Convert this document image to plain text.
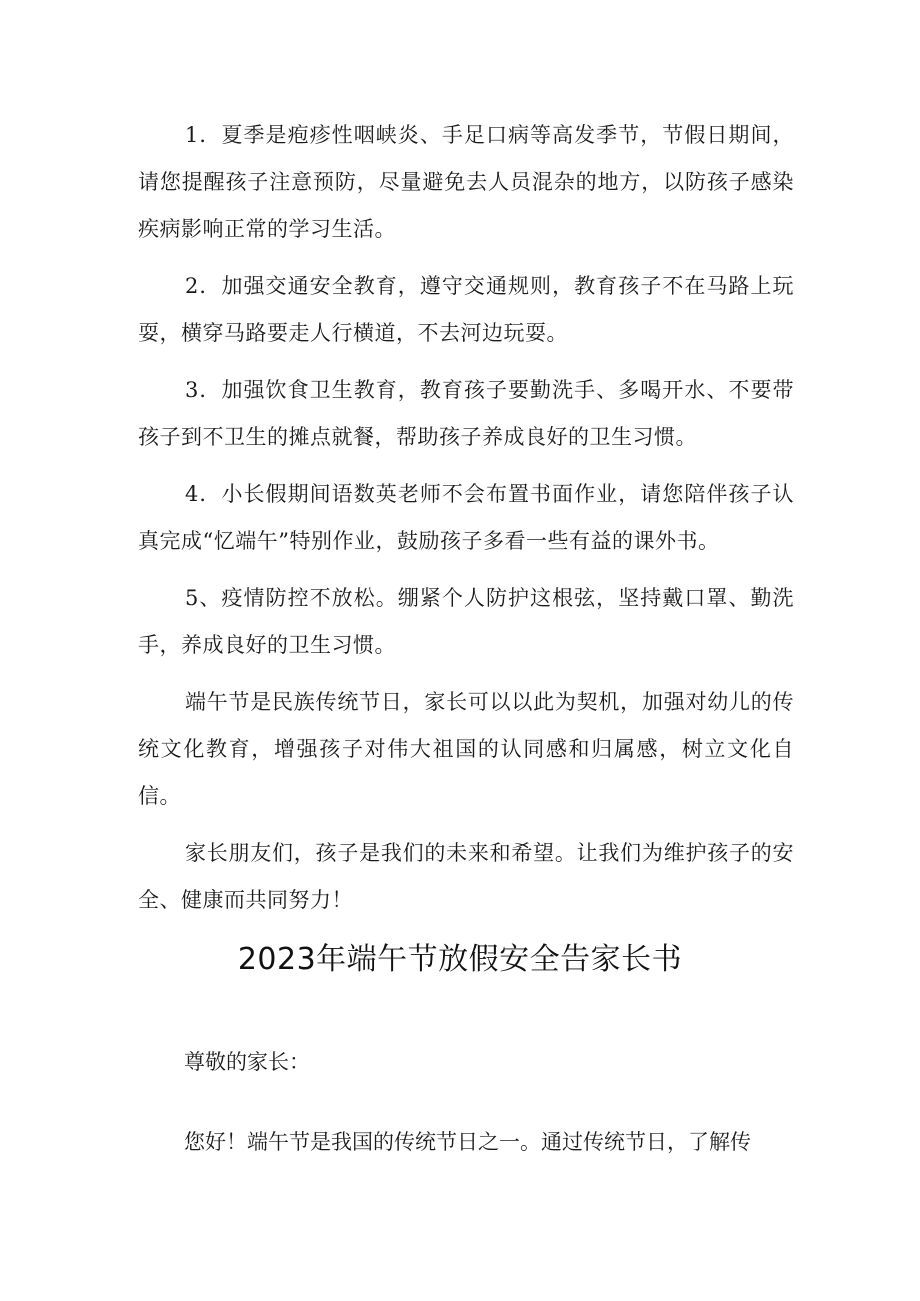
1．夏季是疱疹性咽峡炎、手足口病等高发季节，节假日期间，请您提醒孩子注意预防，尽量避免去人员混杂的地方，以防孩子感染疾病影响正常的学习生活。

2．加强交通安全教育，遵守交通规则，教育孩子不在马路上玩耍，横穿马路要走人行横道，不去河边玩耍。

3．加强饮食卫生教育，教育孩子要勤洗手、多喝开水、不要带孩子到不卫生的摊点就餐，帮助孩子养成良好的卫生习惯。

4．小长假期间语数英老师不会布置书面作业，请您陪伴孩子认真完成“忆端午”特别作业，鼓励孩子多看一些有益的课外书。

5、疫情防控不放松。绷紧个人防护这根弦，坚持戴口罩、勤洗手，养成良好的卫生习惯。

端午节是民族传统节日，家长可以以此为契机，加强对幼儿的传统文化教育，增强孩子对伟大祖国的认同感和归属感，树立文化自信。

家长朋友们，孩子是我们的未来和希望。让我们为维护孩子的安全、健康而共同努力！

2023年端午节放假安全告家长书
尊敬的家长：
您好！端午节是我国的传统节日之一。通过传统节日，了解传
